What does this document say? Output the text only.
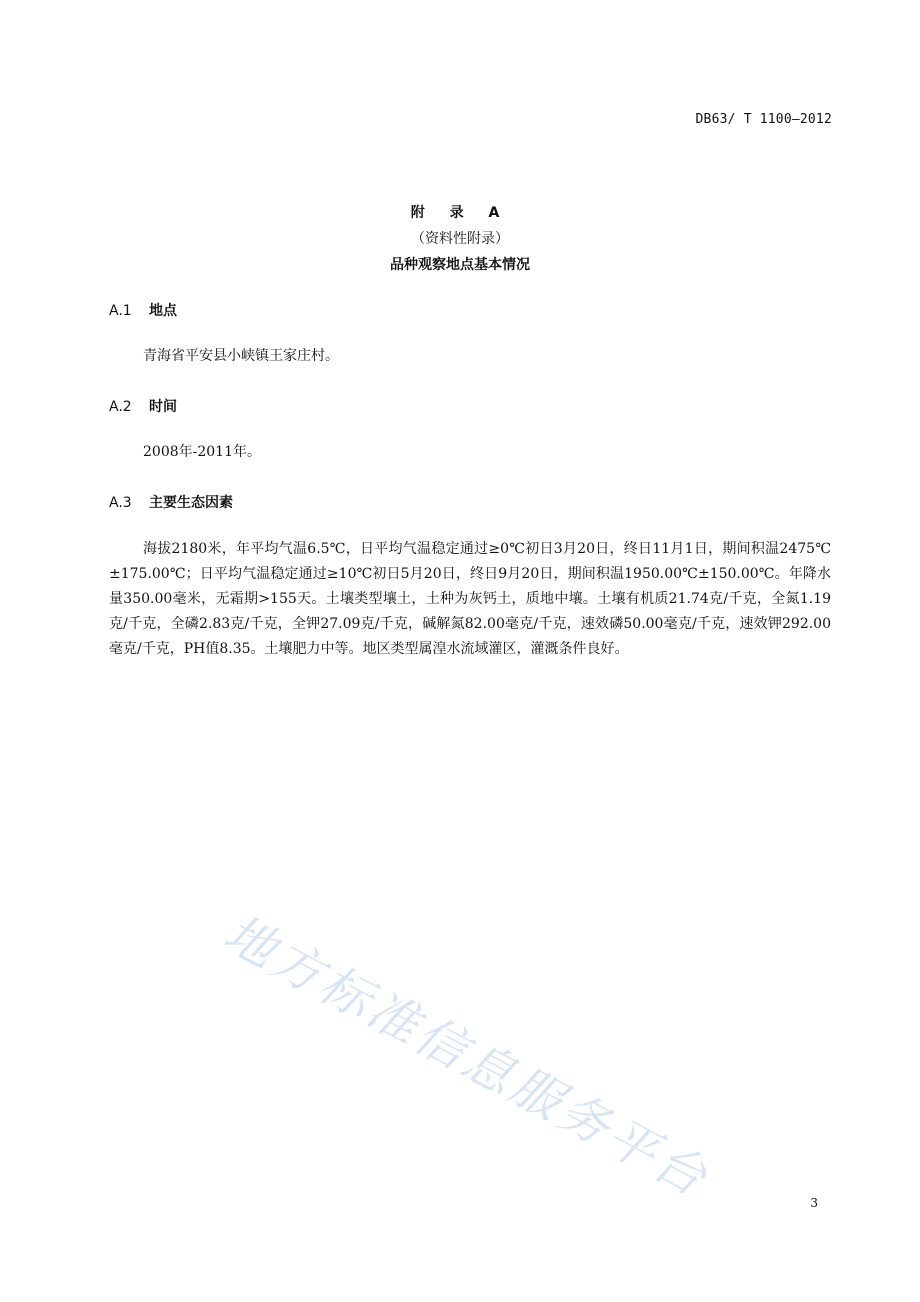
DB63/ T 1100—2012
附 录 A
（资料性附录）
品种观察地点基本情况
A.1 地点
青海省平安县小峡镇王家庄村。
A.2 时间
2008年-2011年。
A.3 主要生态因素
海拔2180米，年平均气温6.5℃，日平均气温稳定通过≥0℃初日3月20日，终日11月1日，期间积温2475℃±175.00℃；日平均气温稳定通过≥10℃初日5月20日，终日9月20日，期间积温1950.00℃±150.00℃。年降水量350.00毫米，无霜期>155天。土壤类型壤土，土种为灰钙土，质地中壤。土壤有机质21.74克/千克，全氮1.19克/千克，全磷2.83克/千克，全钾27.09克/千克，碱解氮82.00毫克/千克，速效磷50.00毫克/千克，速效钾292.00毫克/千克，PH值8.35。土壤肥力中等。地区类型属湟水流域灌区，灌溉条件良好。
地方标准信息服务平台	3
